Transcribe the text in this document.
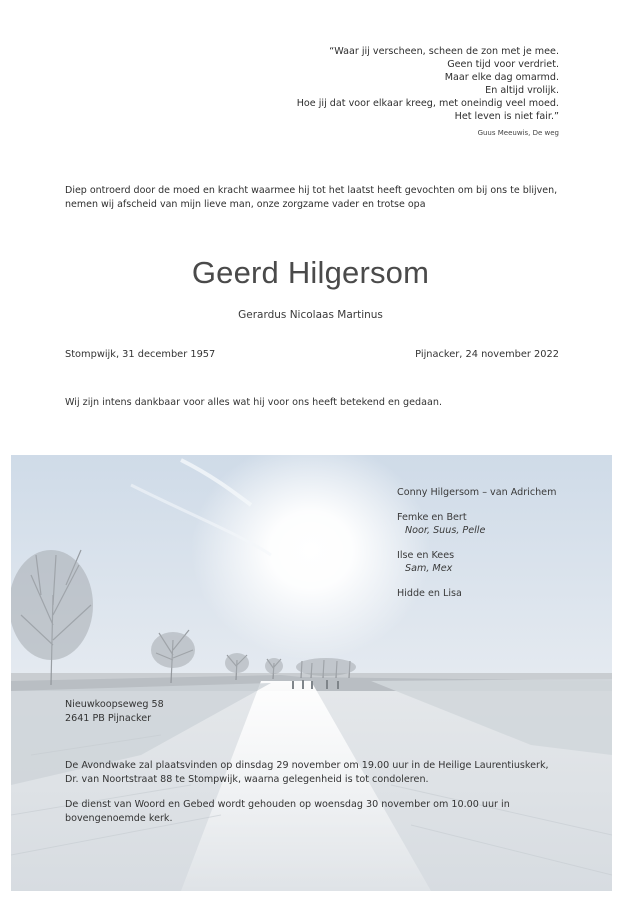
“Waar jij verscheen, scheen de zon met je mee.
Geen tijd voor verdriet.
Maar elke dag omarmd.
En altijd vrolijk.
Hoe jij dat voor elkaar kreeg, met oneindig veel moed.
Het leven is niet fair.”
Guus Meeuwis, De weg
Diep ontroerd door de moed en kracht waarmee hij tot het laatst heeft gevochten om bij ons te blijven, nemen wij afscheid van mijn lieve man, onze zorgzame vader en trotse opa
Geerd Hilgersom
Gerardus Nicolaas Martinus
Stompwijk, 31 december 1957	Pijnacker, 24 november 2022
Wij zijn intens dankbaar voor alles wat hij voor ons heeft betekend en gedaan.
Conny Hilgersom – van Adrichem
Femke en Bert
Noor, Suus, Pelle
Ilse en Kees
Sam, Mex
Hidde en Lisa
Nieuwkoopseweg 58
2641 PB Pijnacker
De Avondwake zal plaatsvinden op dinsdag 29 november om 19.00 uur in de Heilige Laurentiuskerk, Dr. van Noortstraat 88 te Stompwijk, waarna gelegenheid is tot condoleren.
De dienst van Woord en Gebed wordt gehouden op woensdag 30 november om 10.00 uur in bovengenoemde kerk.
